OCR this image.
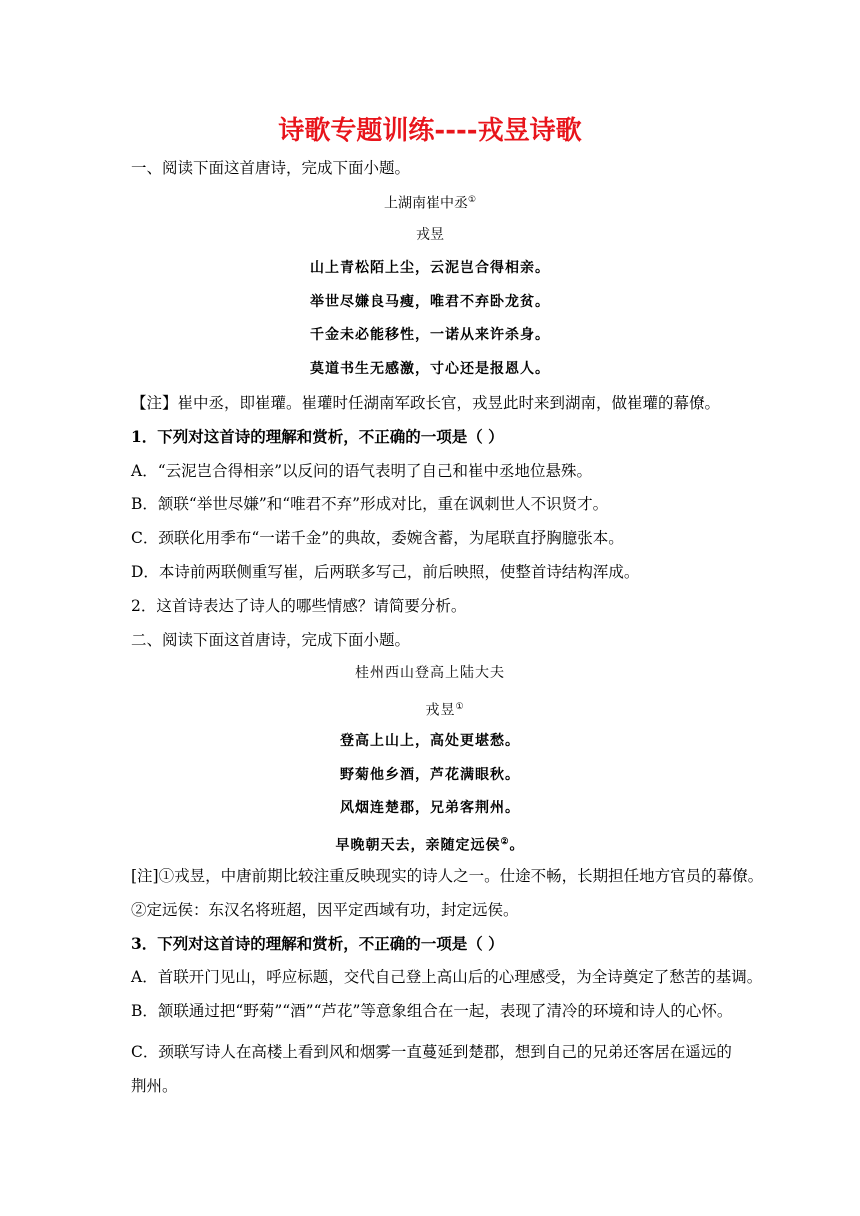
诗歌专题训练----戎昱诗歌
一、阅读下面这首唐诗，完成下面小题。
上湖南崔中丞①
戎昱
山上青松陌上尘，云泥岂合得相亲。
举世尽嫌良马瘦，唯君不弃卧龙贫。
千金未必能移性，一诺从来许杀身。
莫道书生无感激，寸心还是报恩人。
【注】崔中丞，即崔瓘。崔瓘时任湖南军政长官，戎昱此时来到湖南，做崔瓘的幕僚。
1．下列对这首诗的理解和赏析，不正确的一项是（ ）
A．“云泥岂合得相亲”以反问的语气表明了自己和崔中丞地位悬殊。
B．颔联“举世尽嫌”和“唯君不弃”形成对比，重在讽刺世人不识贤才。
C．颈联化用季布“一诺千金”的典故，委婉含蓄，为尾联直抒胸臆张本。
D．本诗前两联侧重写崔，后两联多写己，前后映照，使整首诗结构浑成。
2．这首诗表达了诗人的哪些情感？请简要分析。
二、阅读下面这首唐诗，完成下面小题。
桂州西山登高上陆大夫
戎昱①
登高上山上，高处更堪愁。
野菊他乡酒，芦花满眼秋。
风烟连楚郡，兄弟客荆州。
早晚朝天去，亲随定远侯②。
[注]①戎昱，中唐前期比较注重反映现实的诗人之一。仕途不畅，长期担任地方官员的幕僚。
②定远侯：东汉名将班超，因平定西域有功，封定远侯。
3．下列对这首诗的理解和赏析，不正确的一项是（ ）
A．首联开门见山，呼应标题，交代自己登上高山后的心理感受，为全诗奠定了愁苦的基调。
B．颔联通过把“野菊”“酒”“芦花”等意象组合在一起，表现了清冷的环境和诗人的心怀。
C．颈联写诗人在高楼上看到风和烟雾一直蔓延到楚郡，想到自己的兄弟还客居在遥远的荆州。
